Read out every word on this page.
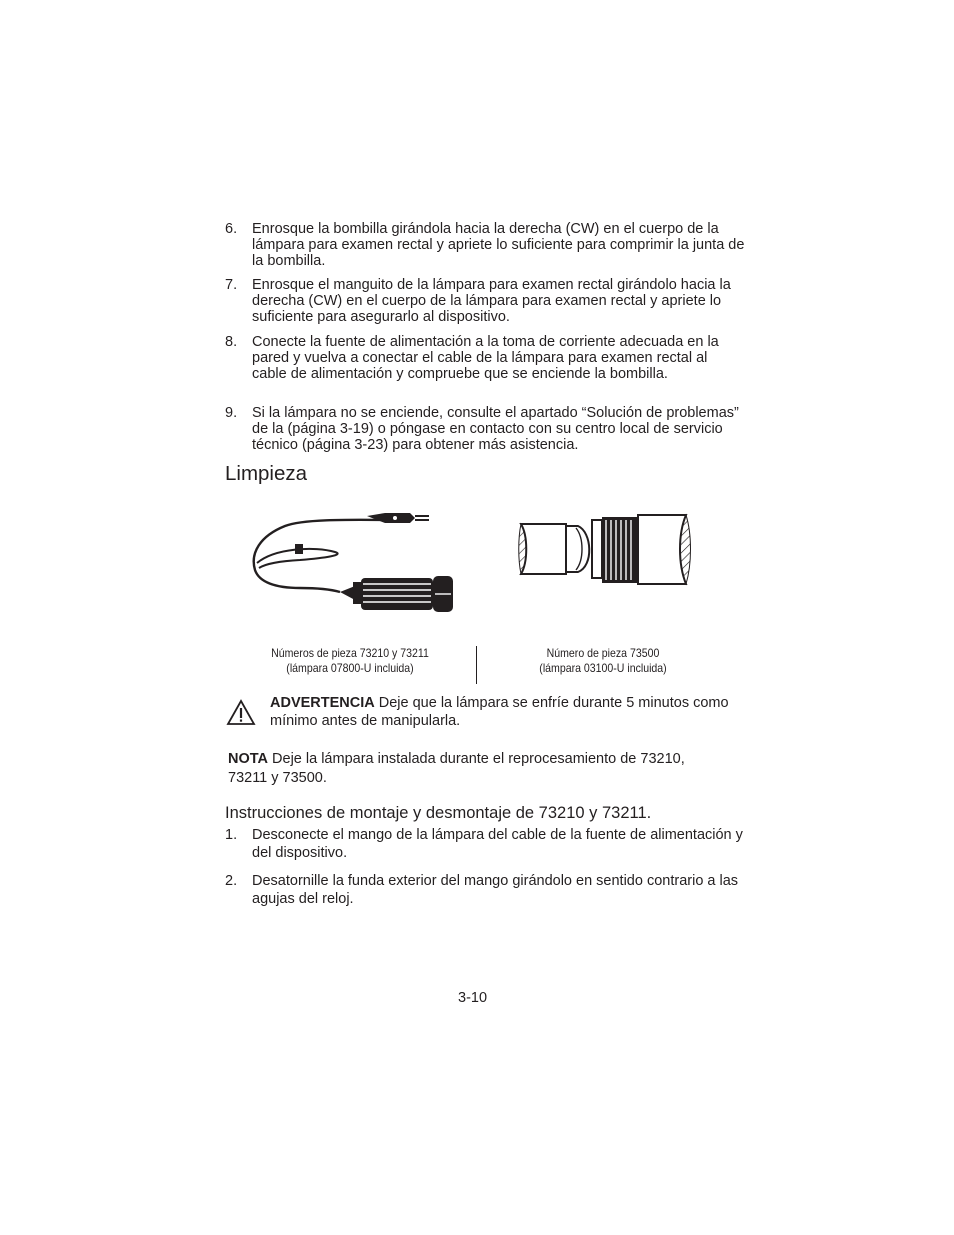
6. Enrosque la bombilla girándola hacia la derecha (CW) en el cuerpo de la lámpara para examen rectal y apriete lo suficiente para comprimir la junta de la bombilla.
7. Enrosque el manguito de la lámpara para examen rectal girándolo hacia la derecha (CW) en el cuerpo de la lámpara para examen rectal y apriete lo suficiente para asegurarlo al dispositivo.
8. Conecte la fuente de alimentación a la toma de corriente adecuada en la pared y vuelva a conectar el cable de la lámpara para examen rectal al cable de alimentación y compruebe que se enciende la bombilla.
9. Si la lámpara no se enciende, consulte el apartado “Solución de problemas” de la (página 3-19) o póngase en contacto con su centro local de servicio técnico (página 3-23) para obtener más asistencia.
Limpieza
Números de pieza 73210 y 73211
(lámpara 07800-U incluida)
Número de pieza 73500
(lámpara 03100-U incluida)
ADVERTENCIA Deje que la lámpara se enfríe durante 5 minutos como mínimo antes de manipularla.
NOTA Deje la lámpara instalada durante el reprocesamiento de 73210, 73211 y 73500.
Instrucciones de montaje y desmontaje de 73210 y 73211.
1. Desconecte el mango de la lámpara del cable de la fuente de alimentación y del dispositivo.
2. Desatornille la funda exterior del mango girándolo en sentido contrario a las agujas del reloj.
3-10
